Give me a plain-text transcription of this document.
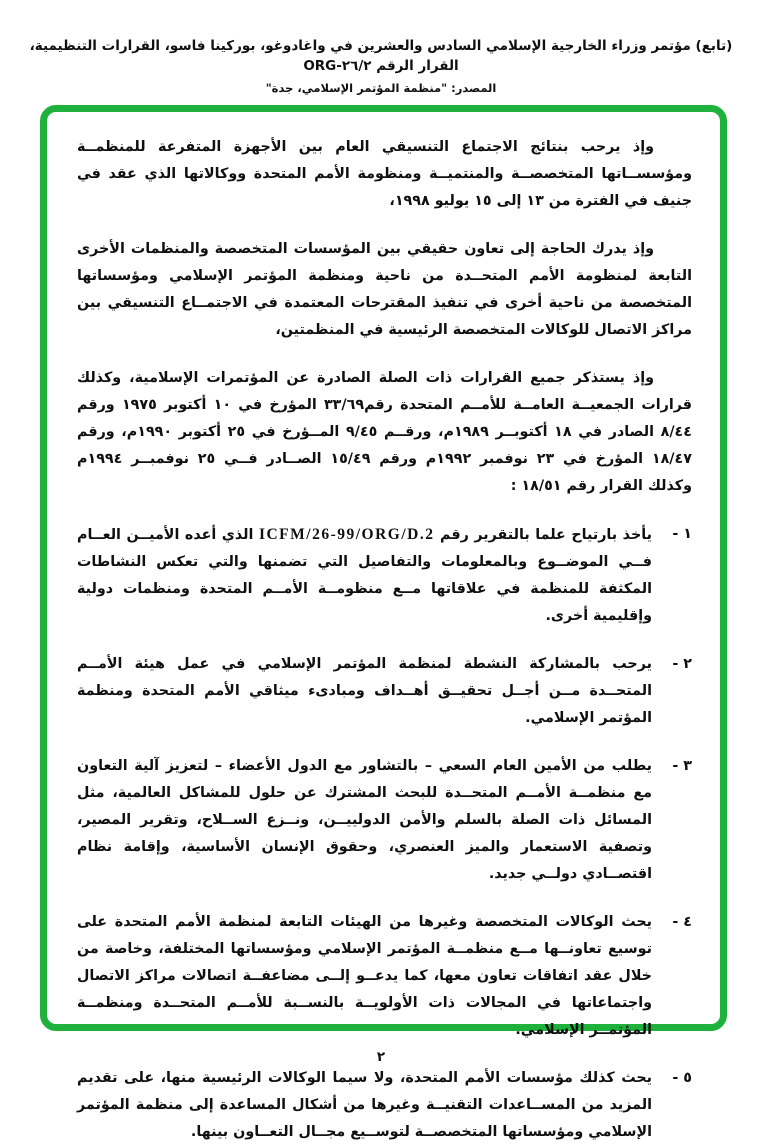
(تابع) مؤتمر وزراء الخارجية الإسلامي السادس والعشرين في واغادوغو، بوركينا فاسو، القرارات التنظيمية، القرار الرقم ٢٦/٢-ORG
المصدر: "منظمة المؤتمر الإسلامي، جدة"

وإذ يرحب بنتائج الاجتماع التنسيقي العام بين الأجهزة المتفرعة للمنظمــة ومؤسســاتها المتخصصــة والمنتميــة ومنظومة الأمم المتحدة ووكالاتها الذي عقد في جنيف في الفترة من ١٣ إلى ١٥ يوليو ١٩٩٨،

وإذ يدرك الحاجة إلى تعاون حقيقي بين المؤسسات المتخصصة والمنظمات الأخرى التابعة لمنظومة الأمم المتحــدة من ناحية ومنظمة المؤتمر الإسلامي ومؤسساتها المتخصصة من ناحية أخرى في تنفيذ المقترحات المعتمدة في الاجتمــاع التنسيقي بين مراكز الاتصال للوكالات المتخصصة الرئيسية في المنظمتين،

وإذ يستذكر جميع القرارات ذات الصلة الصادرة عن المؤتمرات الإسلامية، وكذلك قرارات الجمعيــة العامــة للأمــم المتحدة رقم٣٣/٦٩ المؤرخ في ١٠ أكتوبر ١٩٧٥ ورقم ٨/٤٤ الصادر في ١٨ أكتوبــر ١٩٨٩م، ورقــم ٩/٤٥ المــؤرخ في ٢٥ أكتوبر ١٩٩٠م، ورقم ١٨/٤٧ المؤرخ في ٢٣ نوفمبر ١٩٩٢م ورقم ١٥/٤٩ الصــادر فــي ٢٥ نوفمبــر ١٩٩٤م وكذلك القرار رقم ١٨/٥١ :

١ -
يأخذ بارتياح علما بالتقرير رقم ICFM/26-99/ORG/D.2 الذي أعده الأميــن العــام فــي الموضــوع وبالمعلومات والتفاصيل التي تضمنها والتي تعكس النشاطات المكثفة للمنظمة في علاقاتها مــع منظومــة الأمــم المتحدة ومنظمات دولية وإقليمية أخرى.
٢ -
يرحب بالمشاركة النشطة لمنظمة المؤتمر الإسلامي في عمل هيئة الأمــم المتحــدة مــن أجــل تحقيــق أهــداف ومبادىء ميثاقي الأمم المتحدة ومنظمة المؤتمر الإسلامي.
٣ -
يطلب من الأمين العام السعي – بالتشاور مع الدول الأعضاء – لتعزيز آلية التعاون مع منظمــة الأمــم المتحــدة للبحث المشترك عن حلول للمشاكل العالمية، مثل المسائل ذات الصلة بالسلم والأمن الدولييــن، ونــزع الســلاح، وتقرير المصير، وتصفية الاستعمار والميز العنصري، وحقوق الإنسان الأساسية، وإقامة نظام اقتصــادي دولــي جديد.
٤ -
يحث الوكالات المتخصصة وغيرها من الهيئات التابعة لمنظمة الأمم المتحدة على توسيع تعاونــها مــع منظمــة المؤتمر الإسلامي ومؤسساتها المختلفة، وخاصة من خلال عقد اتفاقات تعاون معها، كما يدعــو إلــى مضاعفــة اتصالات مراكز الاتصال واجتماعاتها في المجالات ذات الأولويــة بالنســبة للأمــم المتحــدة ومنظمــة المؤتمــر الإسلامي.
٥ -
يحث كذلك مؤسسات الأمم المتحدة، ولا سيما الوكالات الرئيسية منها، على تقديم المزيد من المســاعدات التقنيــة وغيرها من أشكال المساعدة إلى منظمة المؤتمر الإسلامي ومؤسساتها المتخصصــة لتوســيع مجــال التعــاون بينها.
٢
